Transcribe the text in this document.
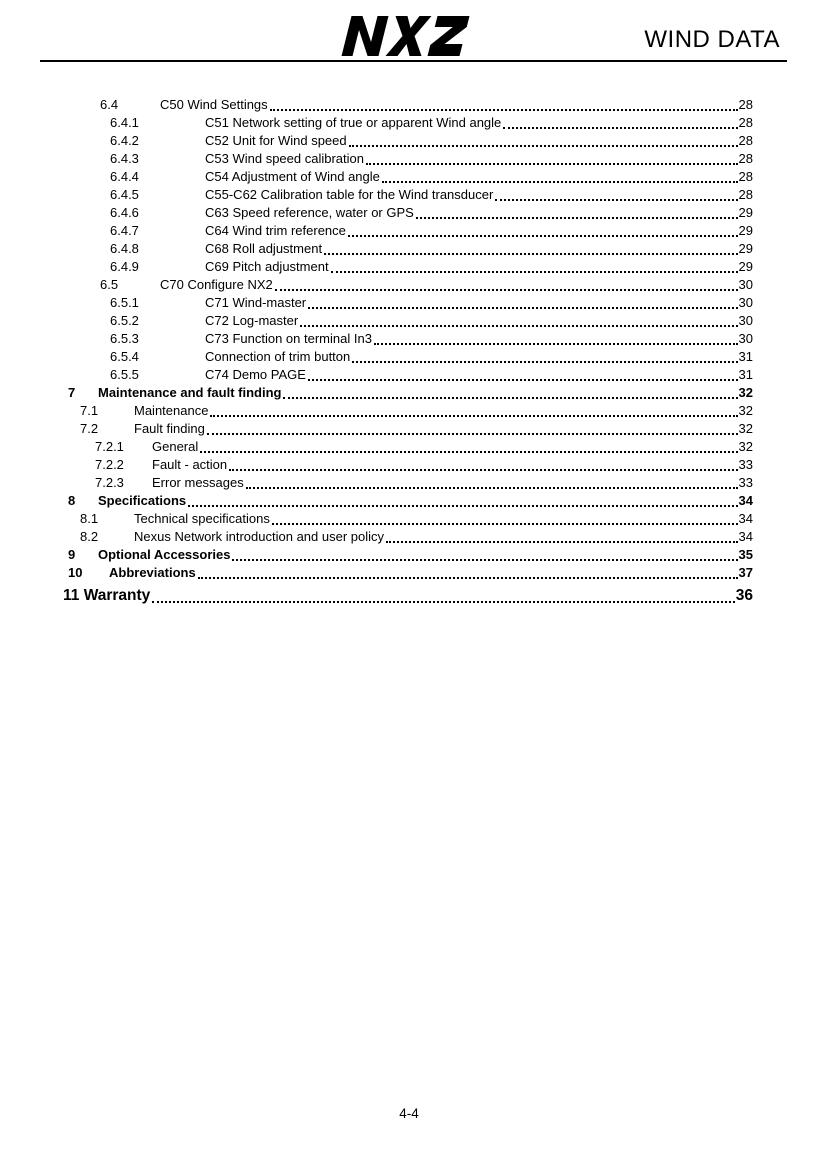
WIND DATA
6.4	C50 Wind Settings	28
6.4.1	C51 Network setting of true or apparent Wind angle	28
6.4.2	C52 Unit for Wind speed	28
6.4.3	C53 Wind speed calibration	28
6.4.4	C54 Adjustment of Wind angle	28
6.4.5	C55-C62 Calibration table for the Wind transducer	28
6.4.6	C63 Speed reference, water or GPS	29
6.4.7	C64 Wind trim reference	29
6.4.8	C68 Roll adjustment	29
6.4.9	C69 Pitch adjustment	29
6.5	C70 Configure NX2	30
6.5.1	C71 Wind-master	30
6.5.2	C72 Log-master	30
6.5.3	C73 Function on terminal In3	30
6.5.4	Connection of trim button	31
6.5.5	C74 Demo PAGE	31
7	Maintenance and fault finding	32
7.1	Maintenance	32
7.2	Fault finding	32
7.2.1	General	32
7.2.2	Fault - action	33
7.2.3	Error messages	33
8	Specifications	34
8.1	Technical specifications	34
8.2	Nexus Network introduction and user policy	34
9	Optional Accessories	35
10	Abbreviations	37
11 Warranty	36
4-4
